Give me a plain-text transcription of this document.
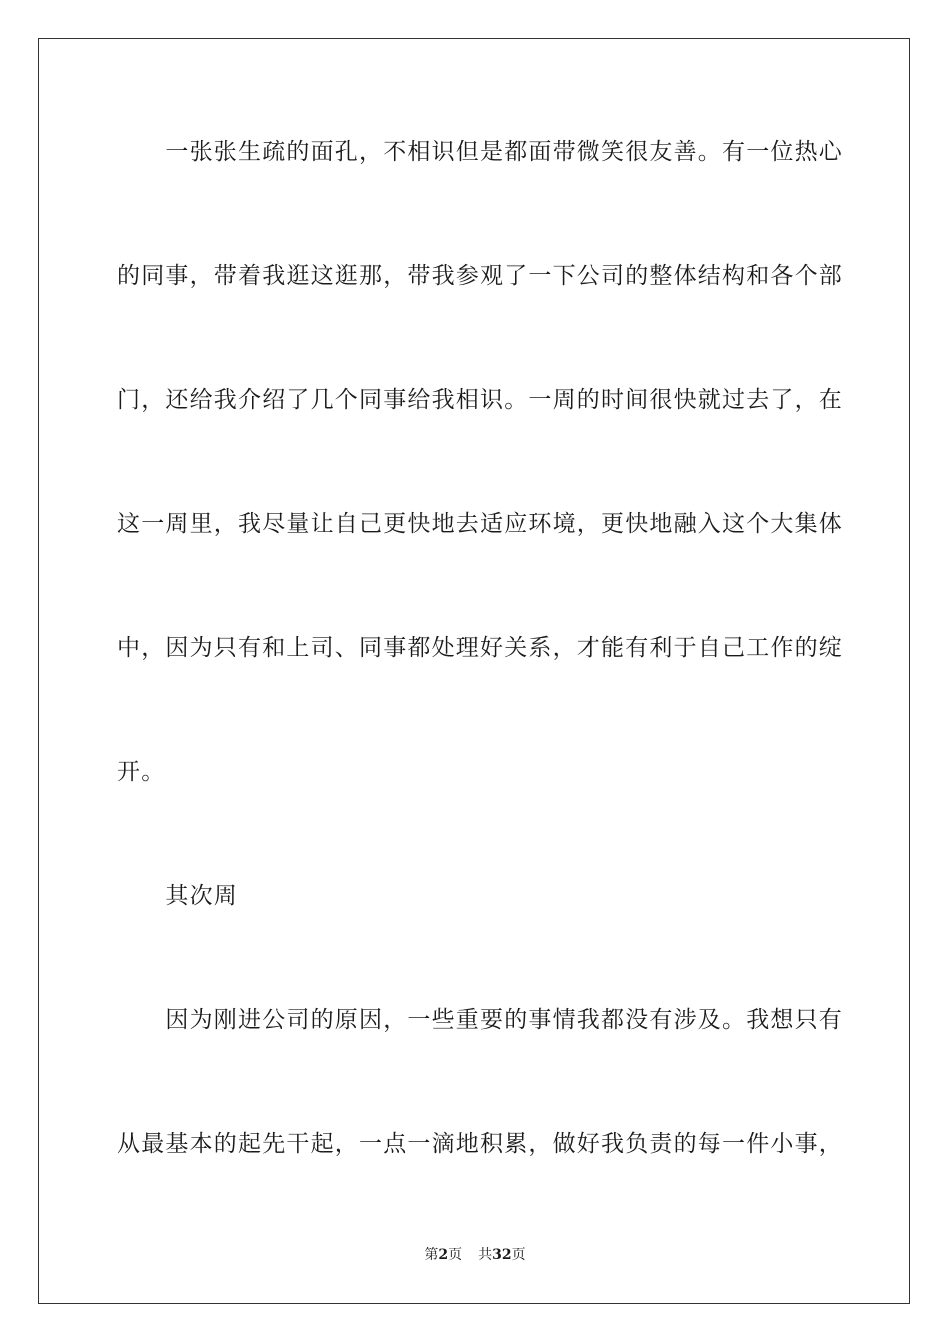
　　一张张生疏的面孔，不相识但是都面带微笑很友善。有一位热心
的同事，带着我逛这逛那，带我参观了一下公司的整体结构和各个部
门，还给我介绍了几个同事给我相识。一周的时间很快就过去了，在
这一周里，我尽量让自己更快地去适应环境，更快地融入这个大集体
中，因为只有和上司、同事都处理好关系，才能有利于自己工作的绽
开。
　　其次周
　　因为刚进公司的原因，一些重要的事情我都没有涉及。我想只有
从最基本的起先干起，一点一滴地积累，做好我负责的每一件小事，
第2页 共32页
